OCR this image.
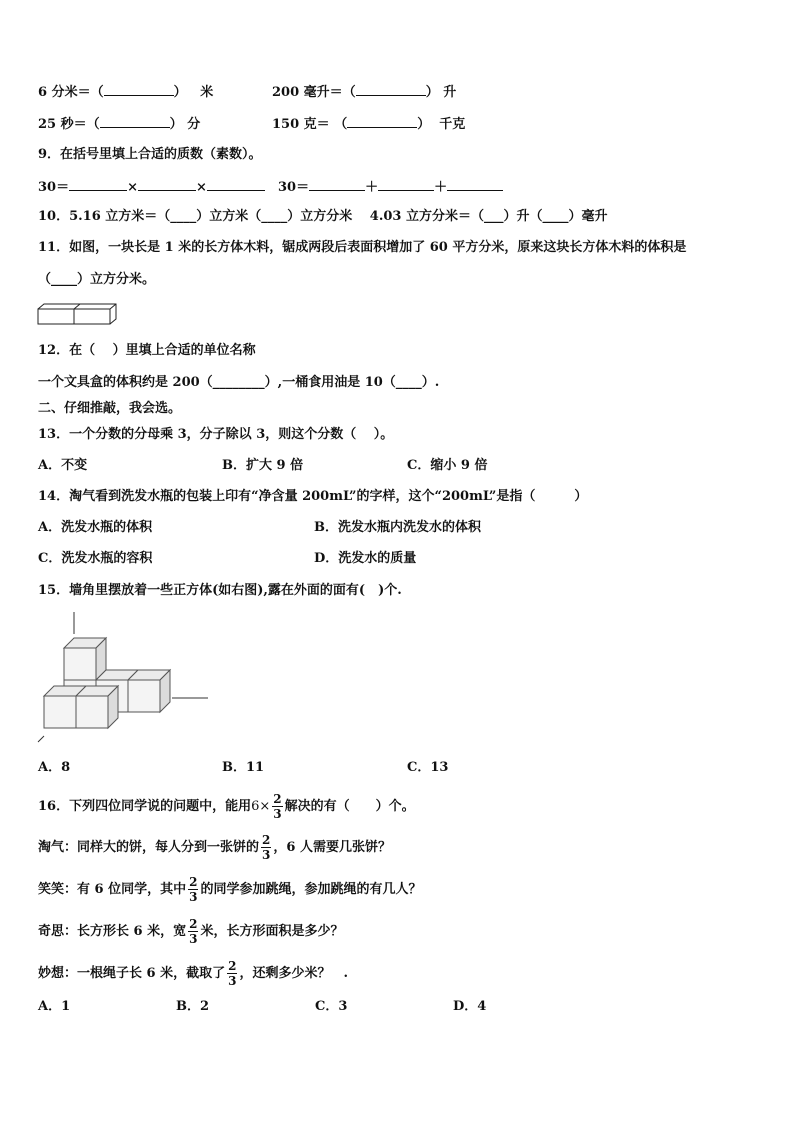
6 分米＝（	） 米	200 毫升＝（	） 升
25 秒＝（	） 分	150 克＝ （	） 千克
9．在括号里填上合适的质数（素数）。
30＝	×	×	30＝	＋	＋
10．5.16 立方米＝（____）立方米（____）立方分米　 4.03 立方分米＝（___）升（____）毫升
11．如图，一块长是 1 米的长方体木料，锯成两段后表面积增加了 60 平方分米，原来这块长方体木料的体积是
（____）立方分米。
12．在（　 ）里填上合适的单位名称
一个文具盒的体积约是 200（________）,一桶食用油是 10（____）.
二、仔细推敲，我会选。
13．一个分数的分母乘 3，分子除以 3，则这个分数（　 ）。
A．不变	B．扩大 9 倍	C．缩小 9 倍
14．淘气看到洗发水瓶的包装上印有“净含量 200mL”的字样，这个“200mL”是指（　　　）
A．洗发水瓶的体积	B．洗发水瓶内洗发水的体积
C．洗发水瓶的容积	D．洗发水的质量
15．墙角里摆放着一些正方体(如右图),露在外面的面有(　)个.
A．8	B．11	C．13
16．下列四位同学说的问题中，能用$6\times \frac{2}{3}$ 解决的有（　　）个。
淘气：同样大的饼，每人分到一张饼的 $\frac{2}{3}$ ，6 人需要几张饼？
笑笑：有 6 位同学，其中 $\frac{2}{3}$ 的同学参加跳绳，参加跳绳的有几人？
奇思：长方形长 6 米，宽 $\frac{2}{3}$ 米，长方形面积是多少？
妙想：一根绳子长 6 米，截取了 $\frac{2}{3}$ ，还剩多少米？　.
A．1	B．2	C．3	D．4
